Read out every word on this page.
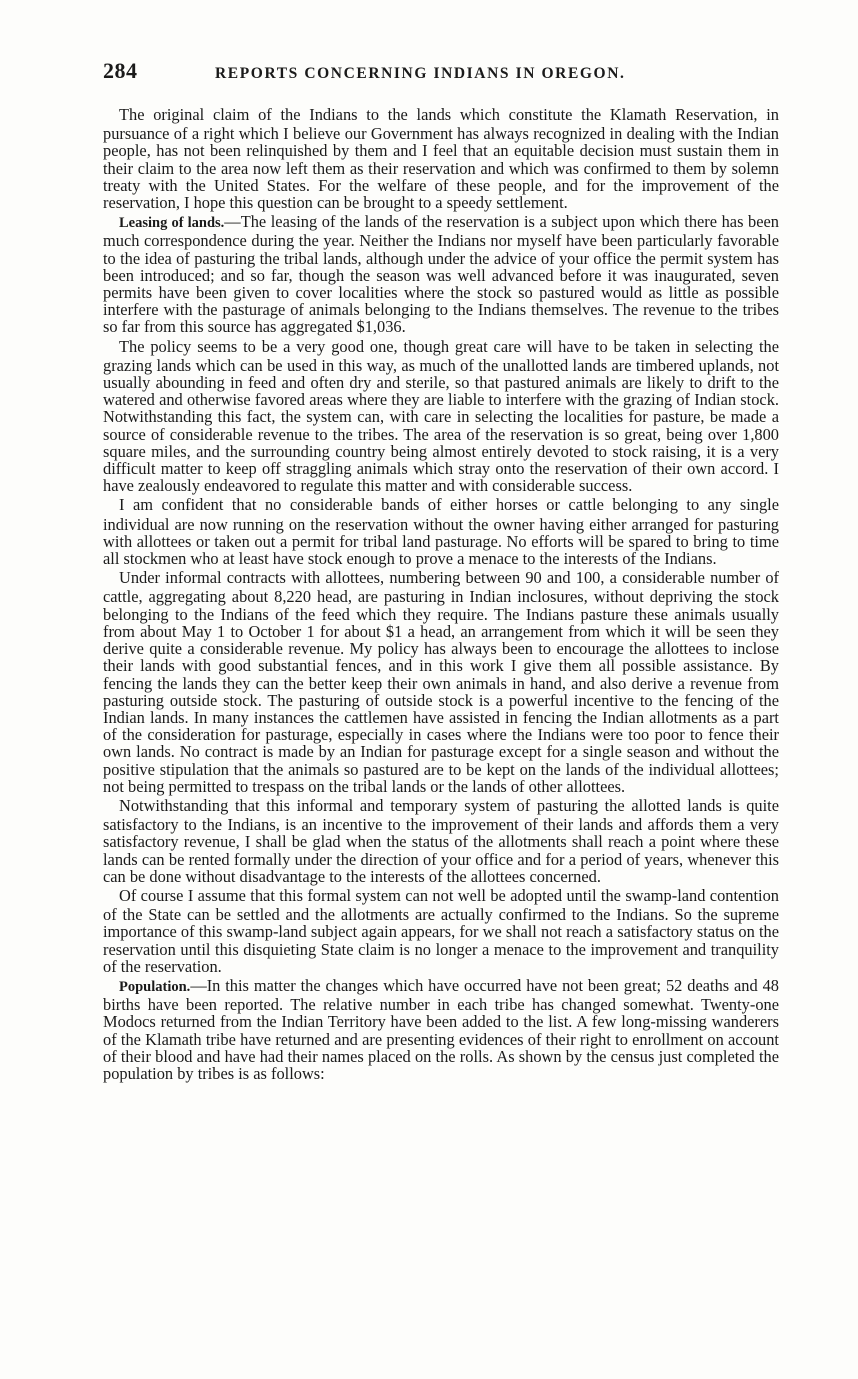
284	REPORTS CONCERNING INDIANS IN OREGON.

The original claim of the Indians to the lands which constitute the Klamath Reservation, in pursuance of a right which I believe our Government has always recognized in dealing with the Indian people, has not been relinquished by them and I feel that an equitable decision must sustain them in their claim to the area now left them as their reservation and which was confirmed to them by solemn treaty with the United States. For the welfare of these people, and for the improvement of the reservation, I hope this question can be brought to a speedy settlement.

Leasing of lands.—The leasing of the lands of the reservation is a subject upon which there has been much correspondence during the year. Neither the Indians nor myself have been particularly favorable to the idea of pasturing the tribal lands, although under the advice of your office the permit system has been introduced; and so far, though the season was well advanced before it was inaugurated, seven permits have been given to cover localities where the stock so pastured would as little as possible interfere with the pasturage of animals belonging to the Indians themselves. The revenue to the tribes so far from this source has aggregated $1,036.

The policy seems to be a very good one, though great care will have to be taken in selecting the grazing lands which can be used in this way, as much of the unallotted lands are timbered uplands, not usually abounding in feed and often dry and sterile, so that pastured animals are likely to drift to the watered and otherwise favored areas where they are liable to interfere with the grazing of Indian stock. Notwithstanding this fact, the system can, with care in selecting the localities for pasture, be made a source of considerable revenue to the tribes. The area of the reservation is so great, being over 1,800 square miles, and the surrounding country being almost entirely devoted to stock raising, it is a very difficult matter to keep off straggling animals which stray onto the reservation of their own accord. I have zealously endeavored to regulate this matter and with considerable success.

I am confident that no considerable bands of either horses or cattle belonging to any single individual are now running on the reservation without the owner having either arranged for pasturing with allottees or taken out a permit for tribal land pasturage. No efforts will be spared to bring to time all stockmen who at least have stock enough to prove a menace to the interests of the Indians.

Under informal contracts with allottees, numbering between 90 and 100, a considerable number of cattle, aggregating about 8,220 head, are pasturing in Indian inclosures, without depriving the stock belonging to the Indians of the feed which they require. The Indians pasture these animals usually from about May 1 to October 1 for about $1 a head, an arrangement from which it will be seen they derive quite a considerable revenue. My policy has always been to encourage the allottees to inclose their lands with good substantial fences, and in this work I give them all possible assistance. By fencing the lands they can the better keep their own animals in hand, and also derive a revenue from pasturing outside stock. The pasturing of outside stock is a powerful incentive to the fencing of the Indian lands. In many instances the cattlemen have assisted in fencing the Indian allotments as a part of the consideration for pasturage, especially in cases where the Indians were too poor to fence their own lands. No contract is made by an Indian for pasturage except for a single season and without the positive stipulation that the animals so pastured are to be kept on the lands of the individual allottees; not being permitted to trespass on the tribal lands or the lands of other allottees.

Notwithstanding that this informal and temporary system of pasturing the allotted lands is quite satisfactory to the Indians, is an incentive to the improvement of their lands and affords them a very satisfactory revenue, I shall be glad when the status of the allotments shall reach a point where these lands can be rented formally under the direction of your office and for a period of years, whenever this can be done without disadvantage to the interests of the allottees concerned.

Of course I assume that this formal system can not well be adopted until the swamp-land contention of the State can be settled and the allotments are actually confirmed to the Indians. So the supreme importance of this swamp-land subject again appears, for we shall not reach a satisfactory status on the reservation until this disquieting State claim is no longer a menace to the improvement and tranquility of the reservation.

Population.—In this matter the changes which have occurred have not been great; 52 deaths and 48 births have been reported. The relative number in each tribe has changed somewhat. Twenty-one Modocs returned from the Indian Territory have been added to the list. A few long-missing wanderers of the Klamath tribe have returned and are presenting evidences of their right to enrollment on account of their blood and have had their names placed on the rolls. As shown by the census just completed the population by tribes is as follows:
